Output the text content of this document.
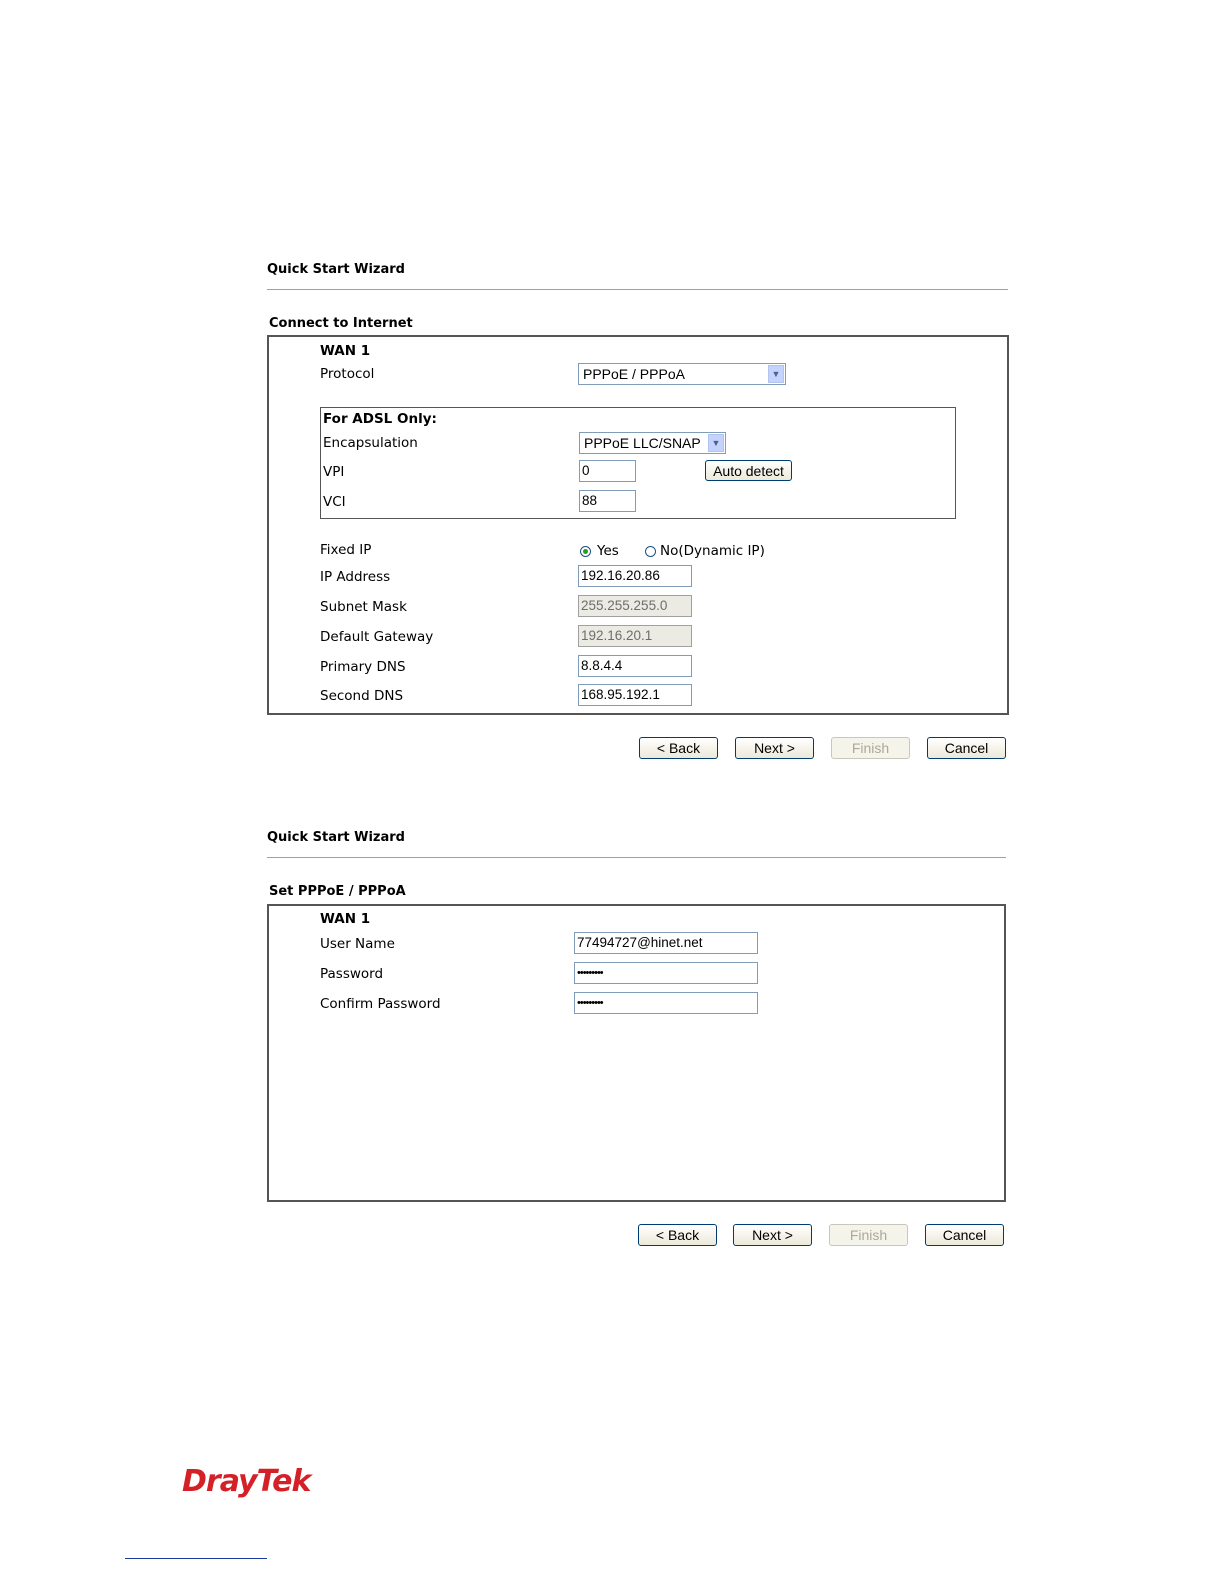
Quick Start Wizard
Connect to Internet
WAN 1
Protocol	PPPoE / PPPoA	▼
For ADSL Only:
Encapsulation	PPPoE LLC/SNAP	▼
VPI	0	Auto detect
VCI	88
Fixed IP	Yes	No(Dynamic IP)
IP Address	192.16.20.86
Subnet Mask	255.255.255.0
Default Gateway	192.16.20.1
Primary DNS	8.8.4.4
Second DNS	168.95.192.1
< Back	Next >	Finish	Cancel
Quick Start Wizard
Set PPPoE / PPPoA
WAN 1
User Name	77494727@hinet.net
Password	•••••••••
Confirm Password	•••••••••
< Back	Next >	Finish	Cancel
DrayTek
